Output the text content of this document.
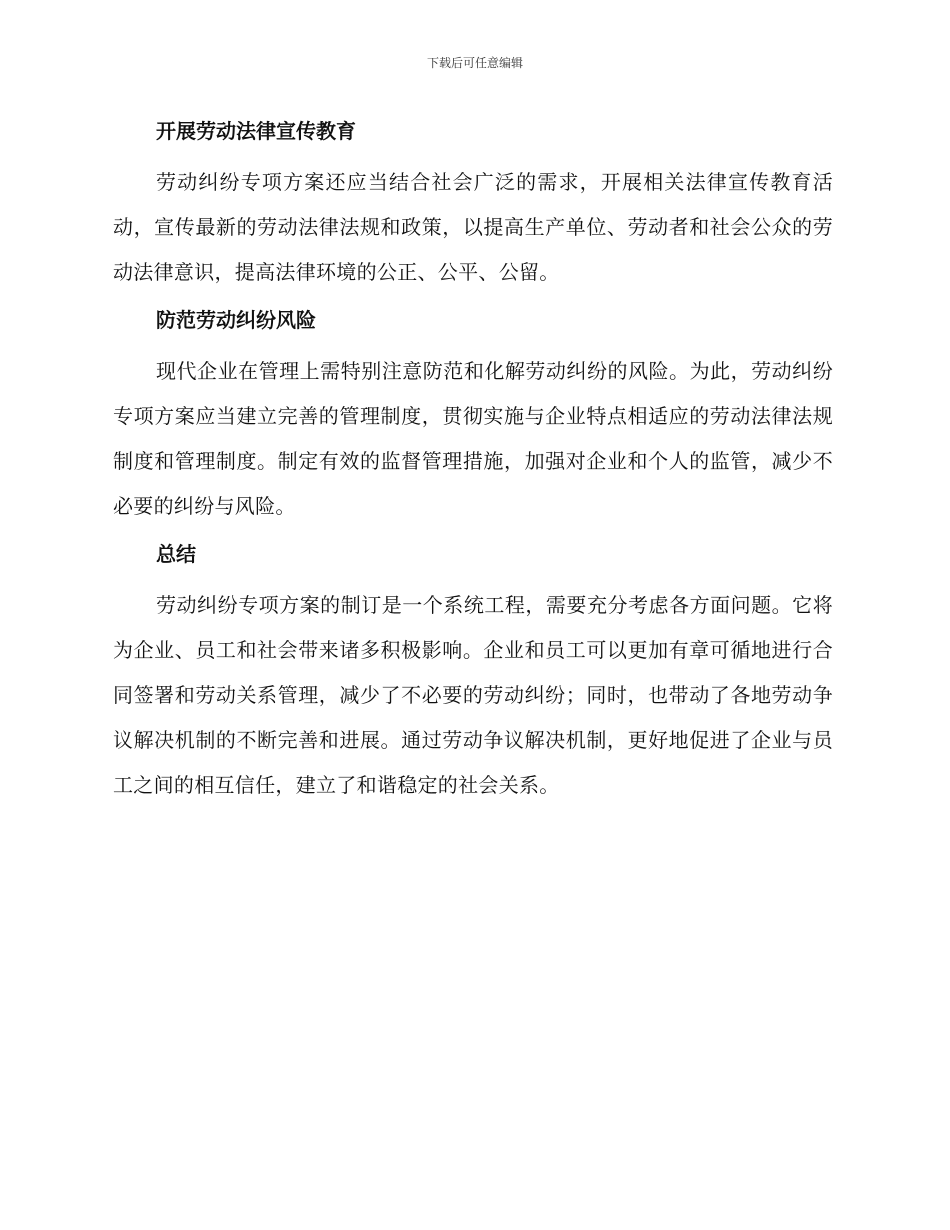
下载后可任意编辑
开展劳动法律宣传教育

劳动纠纷专项方案还应当结合社会广泛的需求，开展相关法律宣传教育活动，宣传最新的劳动法律法规和政策，以提高生产单位、劳动者和社会公众的劳动法律意识，提高法律环境的公正、公平、公留。

防范劳动纠纷风险

现代企业在管理上需特别注意防范和化解劳动纠纷的风险。为此，劳动纠纷专项方案应当建立完善的管理制度，贯彻实施与企业特点相适应的劳动法律法规制度和管理制度。制定有效的监督管理措施，加强对企业和个人的监管，减少不必要的纠纷与风险。

总结

劳动纠纷专项方案的制订是一个系统工程，需要充分考虑各方面问题。它将为企业、员工和社会带来诸多积极影响。企业和员工可以更加有章可循地进行合同签署和劳动关系管理，减少了不必要的劳动纠纷；同时，也带动了各地劳动争议解决机制的不断完善和进展。通过劳动争议解决机制，更好地促进了企业与员工之间的相互信任，建立了和谐稳定的社会关系。
